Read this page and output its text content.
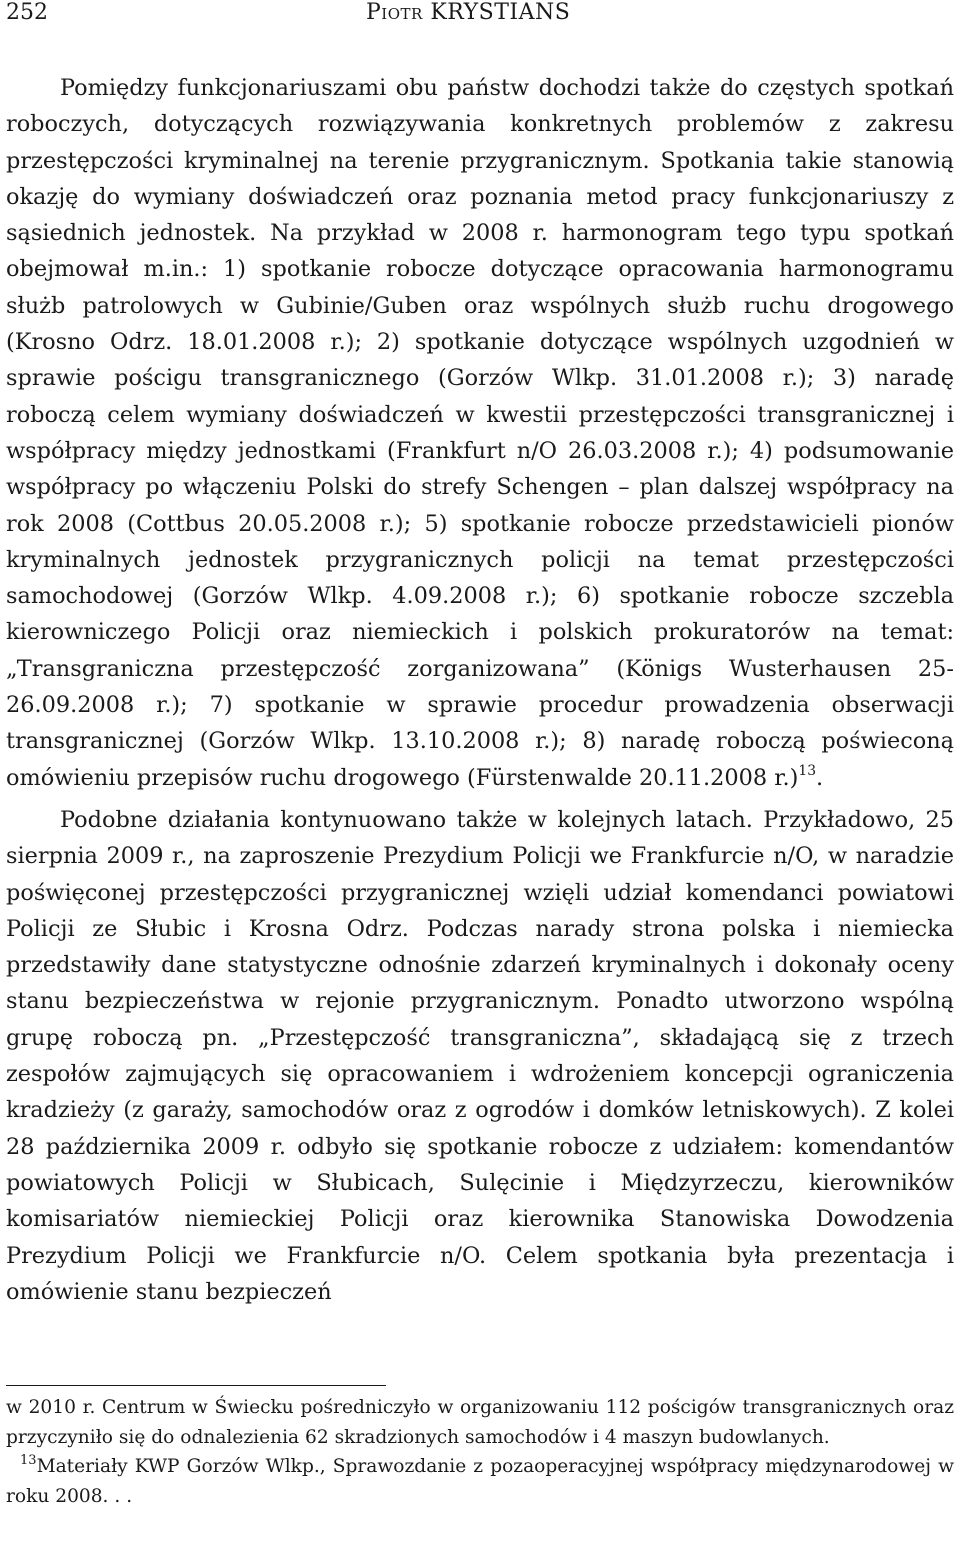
252	Piotr KRYSTIANS

Pomiędzy funkcjonariuszami obu państw dochodzi także do częstych spotkań roboczych, dotyczących rozwiązywania konkretnych problemów z zakresu przestępczości kryminalnej na terenie przygranicznym. Spotkania takie stanowią okazję do wymiany doświadczeń oraz poznania metod pracy funkcjonariuszy z sąsiednich jednostek. Na przykład w 2008 r. harmonogram tego typu spotkań obejmował m.in.: 1) spotkanie robocze dotyczące opracowania harmonogramu służb patrolowych w Gubinie/Guben oraz wspólnych służb ruchu drogowego (Krosno Odrz. 18.01.2008 r.); 2) spotkanie dotyczące wspólnych uzgodnień w sprawie pościgu transgranicznego (Gorzów Wlkp. 31.01.2008 r.); 3) naradę roboczą celem wymiany doświadczeń w kwestii przestępczości transgranicznej i współpracy między jednostkami (Frankfurt n/O 26.03.2008 r.); 4) podsumowanie współpracy po włączeniu Polski do strefy Schengen – plan dalszej współpracy na rok 2008 (Cottbus 20.05.2008 r.); 5) spotkanie robocze przedstawicieli pionów kryminalnych jednostek przygranicznych policji na temat przestępczości samochodowej (Gorzów Wlkp. 4.09.2008 r.); 6) spotkanie robocze szczebla kierowniczego Policji oraz niemieckich i polskich prokuratorów na temat: „Transgraniczna przestępczość zorganizowana” (Königs Wusterhausen 25-26.09.2008 r.); 7) spotkanie w sprawie procedur prowadzenia obserwacji transgranicznej (Gorzów Wlkp. 13.10.2008 r.); 8) naradę roboczą poświeconą omówieniu przepisów ruchu drogowego (Fürstenwalde 20.11.2008 r.)$^{13}$.

Podobne działania kontynuowano także w kolejnych latach. Przykładowo, 25 sierpnia 2009 r., na zaproszenie Prezydium Policji we Frankfurcie n/O, w naradzie poświęconej przestępczości przygranicznej wzięli udział komendanci powiatowi Policji ze Słubic i Krosna Odrz. Podczas narady strona polska i niemiecka przedstawiły dane statystyczne odnośnie zdarzeń kryminalnych i dokonały oceny stanu bezpieczeństwa w rejonie przygranicznym. Ponadto utworzono wspólną grupę roboczą pn. „Przestępczość transgraniczna”, składającą się z trzech zespołów zajmujących się opracowaniem i wdrożeniem koncepcji ograniczenia kradzieży (z garaży, samochodów oraz z ogrodów i domków letniskowych). Z kolei 28 października 2009 r. odbyło się spotkanie robocze z udziałem: komendantów powiatowych Policji w Słubicach, Sulęcinie i Międzyrzeczu, kierowników komisariatów niemieckiej Policji oraz kierownika Stanowiska Dowodzenia Prezydium Policji we Frankfurcie n/O. Celem spotkania była prezentacja i omówienie stanu bezpieczeń

w 2010 r. Centrum w Świecku pośredniczyło w organizowaniu 112 pościgów transgranicznych oraz przyczyniło się do odnalezienia 62 skradzionych samochodów i 4 maszyn budowlanych.

$^{13}$Materiały KWP Gorzów Wlkp., Sprawozdanie z pozaoperacyjnej współpracy międzynarodowej w roku 2008. . .
